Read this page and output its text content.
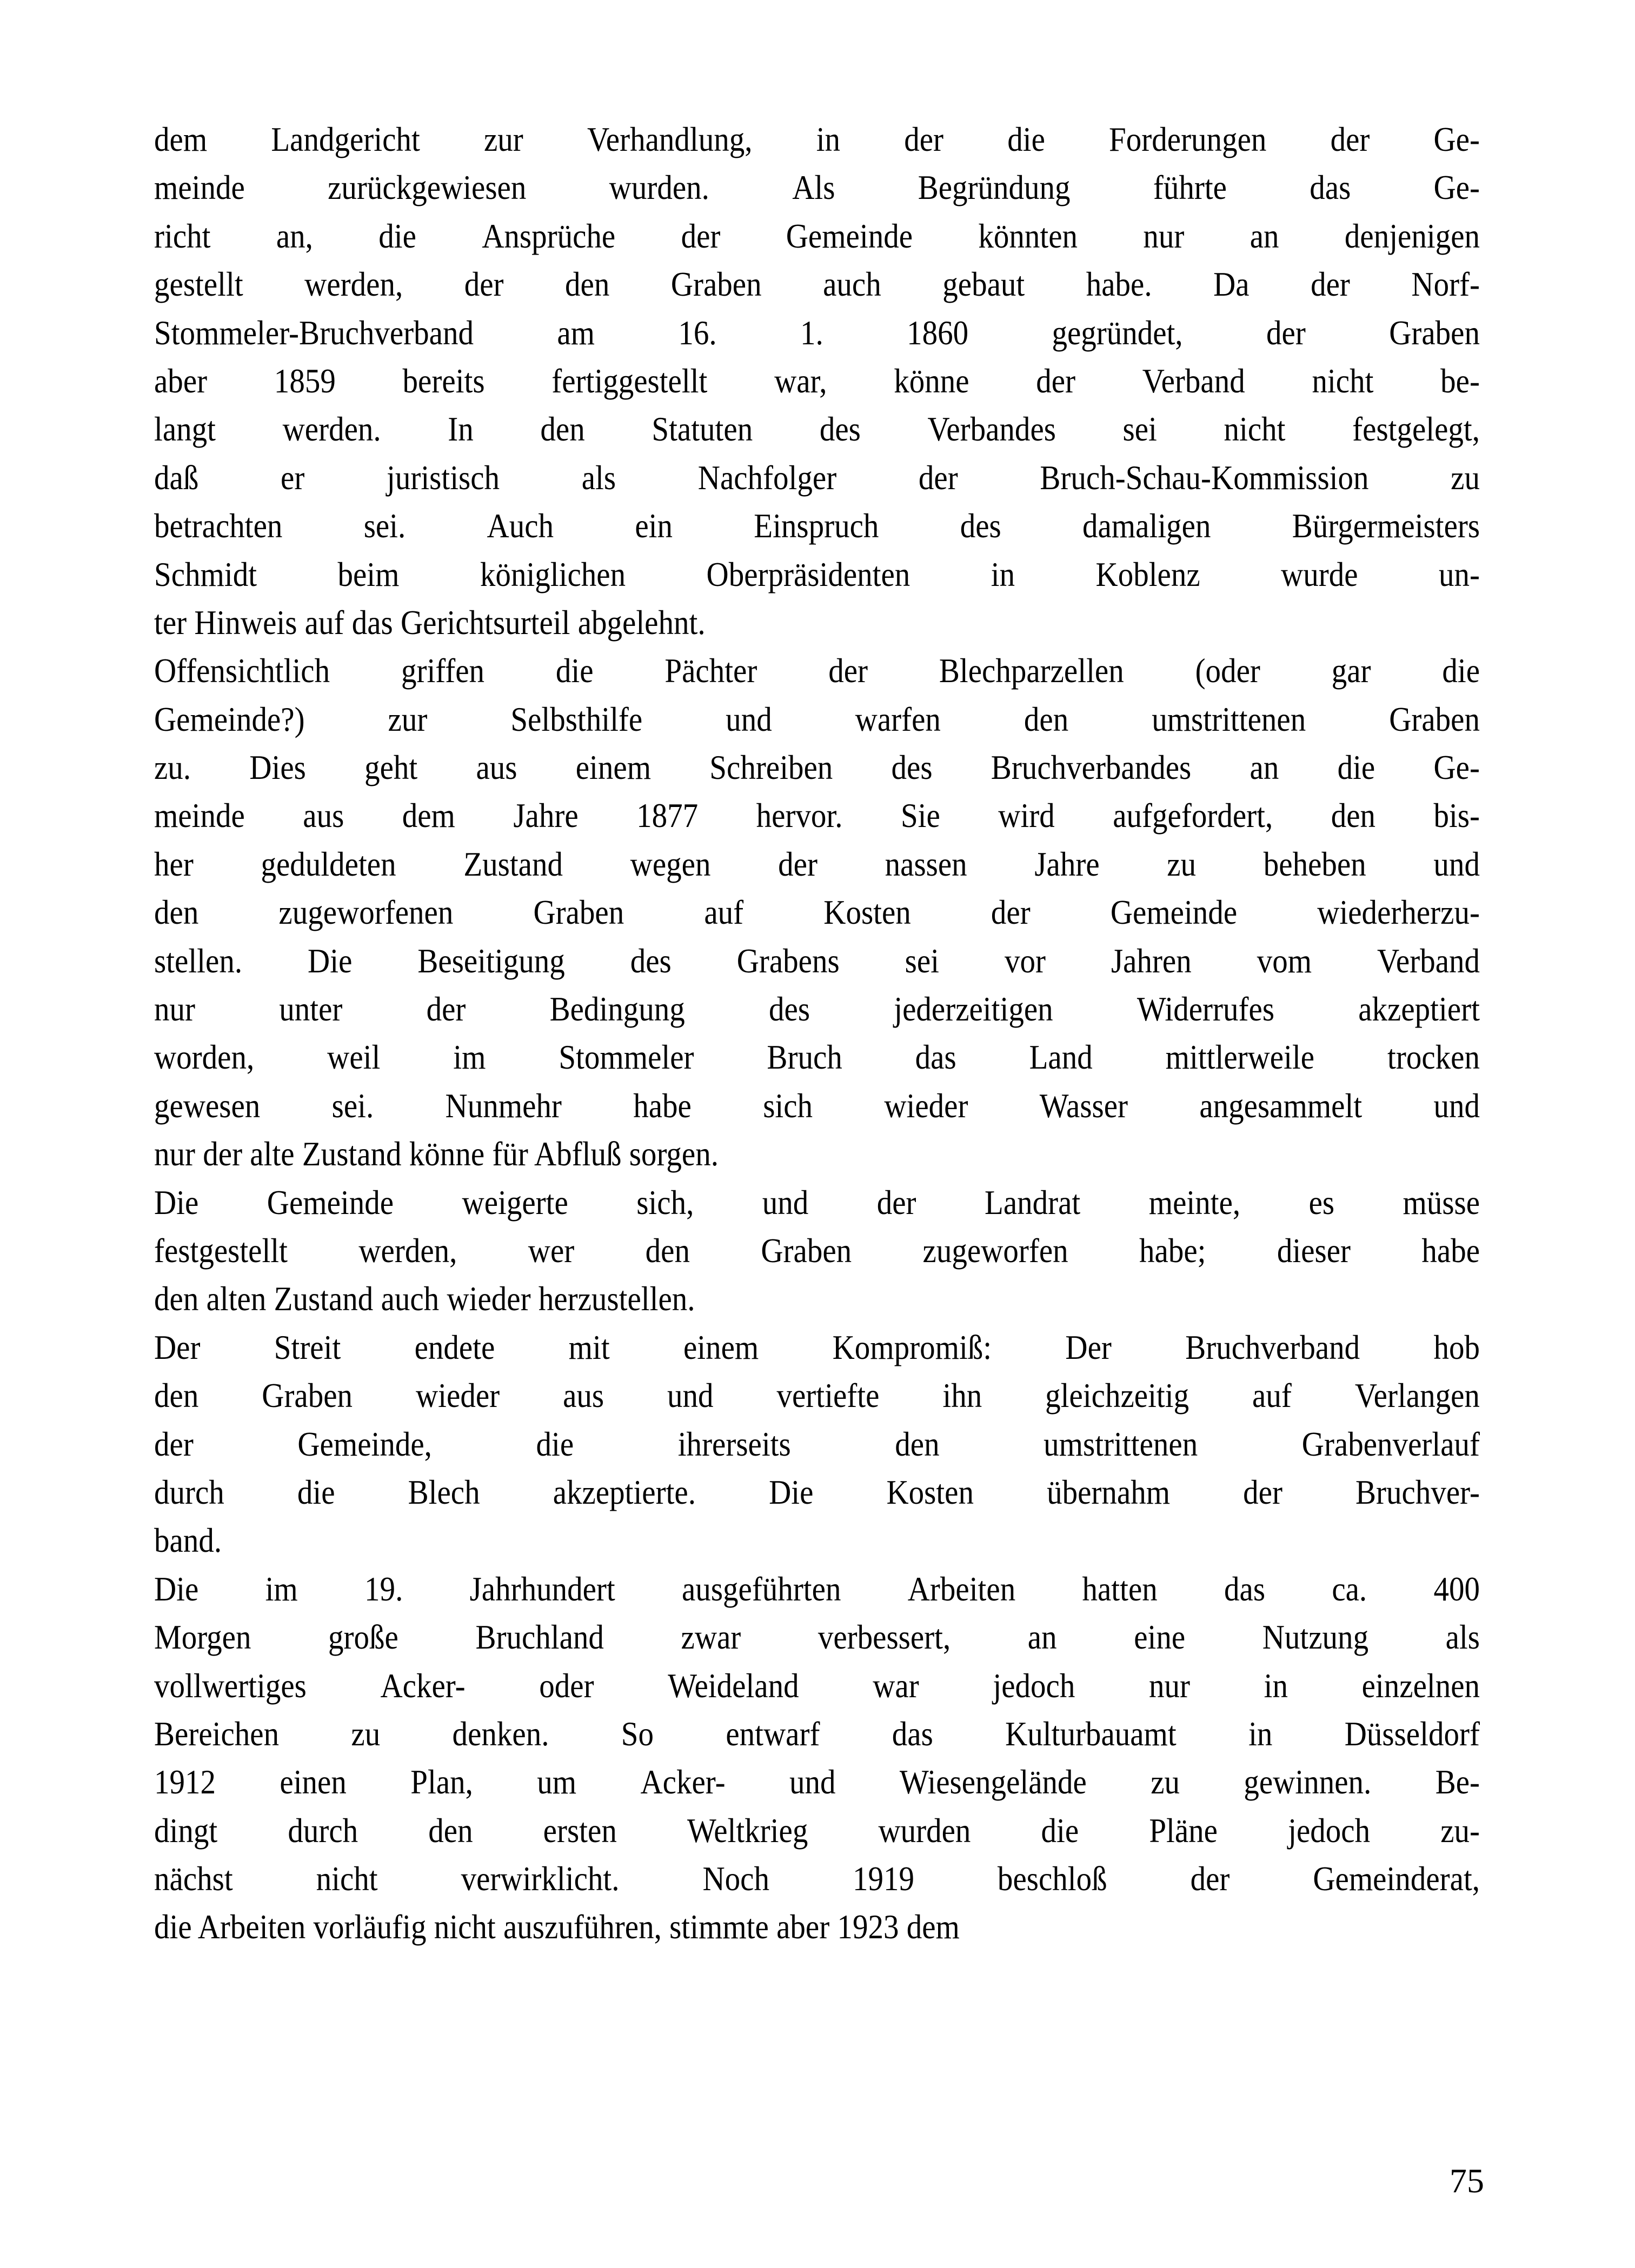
dem Landgericht zur Verhandlung, in der die Forderungen der Ge-
meinde zurückgewiesen wurden. Als Begründung führte das Ge-
richt an, die Ansprüche der Gemeinde könnten nur an denjenigen
gestellt werden, der den Graben auch gebaut habe. Da der Norf-
Stommeler-Bruchverband am 16. 1. 1860 gegründet, der Graben
aber 1859 bereits fertiggestellt war, könne der Verband nicht be-
langt werden. In den Statuten des Verbandes sei nicht festgelegt,
daß er juristisch als Nachfolger der Bruch-Schau-Kommission zu
betrachten sei. Auch ein Einspruch des damaligen Bürgermeisters
Schmidt beim königlichen Oberpräsidenten in Koblenz wurde un-
ter Hinweis auf das Gerichtsurteil abgelehnt.
Offensichtlich griffen die Pächter der Blechparzellen (oder gar die
Gemeinde?) zur Selbsthilfe und warfen den umstrittenen Graben
zu. Dies geht aus einem Schreiben des Bruchverbandes an die Ge-
meinde aus dem Jahre 1877 hervor. Sie wird aufgefordert, den bis-
her geduldeten Zustand wegen der nassen Jahre zu beheben und
den zugeworfenen Graben auf Kosten der Gemeinde wiederherzu-
stellen. Die Beseitigung des Grabens sei vor Jahren vom Verband
nur unter der Bedingung des jederzeitigen Widerrufes akzeptiert
worden, weil im Stommeler Bruch das Land mittlerweile trocken
gewesen sei. Nunmehr habe sich wieder Wasser angesammelt und
nur der alte Zustand könne für Abfluß sorgen.
Die Gemeinde weigerte sich, und der Landrat meinte, es müsse
festgestellt werden, wer den Graben zugeworfen habe; dieser habe
den alten Zustand auch wieder herzustellen.
Der Streit endete mit einem Kompromiß: Der Bruchverband hob
den Graben wieder aus und vertiefte ihn gleichzeitig auf Verlangen
der	Gemeinde,	die	ihrerseits	den	umstrittenen	Grabenverlauf
durch die Blech akzeptierte. Die Kosten übernahm der Bruchver-
band.
Die im 19. Jahrhundert ausgeführten Arbeiten hatten das ca. 400
Morgen große Bruchland zwar verbessert, an eine Nutzung als
vollwertiges Acker- oder Weideland war jedoch nur in einzelnen
Bereichen zu denken. So entwarf das Kulturbauamt in Düsseldorf
1912 einen Plan, um Acker- und Wiesengelände zu gewinnen. Be-
dingt durch den ersten Weltkrieg wurden die Pläne jedoch zu-
nächst nicht verwirklicht. Noch 1919 beschloß der Gemeinderat,
die Arbeiten vorläufig nicht auszuführen, stimmte aber 1923 dem
75
